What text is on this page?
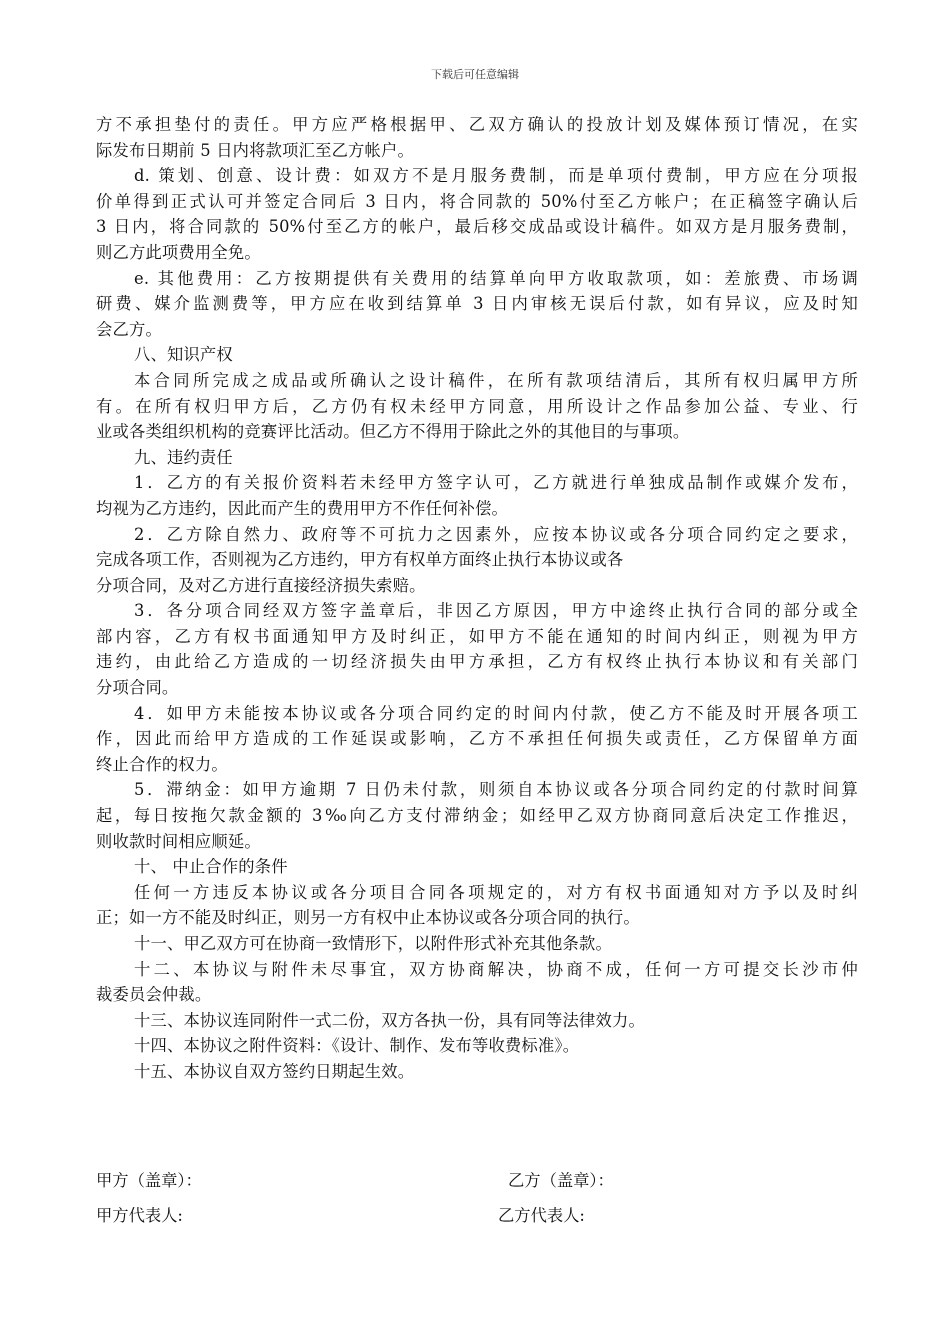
下载后可任意编辑
方不承担垫付的责任。甲方应严格根据甲、乙双方确认的投放计划及媒体预订情况，在实
际发布日期前 5 日内将款项汇至乙方帐户。
d. 策划、创意、设计费：如双方不是月服务费制，而是单项付费制，甲方应在分项报
价单得到正式认可并签定合同后 3 日内，将合同款的 50%付至乙方帐户；在正稿签字确认后
3 日内，将合同款的 50%付至乙方的帐户，最后移交成品或设计稿件。如双方是月服务费制，
则乙方此项费用全免。
e. 其他费用：乙方按期提供有关费用的结算单向甲方收取款项，如：差旅费、市场调
研费、媒介监测费等，甲方应在收到结算单 3 日内审核无误后付款，如有异议，应及时知
会乙方。
八、知识产权
本合同所完成之成品或所确认之设计稿件，在所有款项结清后，其所有权归属甲方所
有。在所有权归甲方后，乙方仍有权未经甲方同意，用所设计之作品参加公益、专业、行
业或各类组织机构的竞赛评比活动。但乙方不得用于除此之外的其他目的与事项。
九、违约责任
1．乙方的有关报价资料若未经甲方签字认可，乙方就进行单独成品制作或媒介发布，
均视为乙方违约，因此而产生的费用甲方不作任何补偿。
2．乙方除自然力、政府等不可抗力之因素外，应按本协议或各分项合同约定之要求，
完成各项工作，否则视为乙方违约，甲方有权单方面终止执行本协议或各
分项合同，及对乙方进行直接经济损失索赔。
3．各分项合同经双方签字盖章后，非因乙方原因，甲方中途终止执行合同的部分或全
部内容，乙方有权书面通知甲方及时纠正，如甲方不能在通知的时间内纠正，则视为甲方
违约，由此给乙方造成的一切经济损失由甲方承担，乙方有权终止执行本协议和有关部门
分项合同。
4．如甲方未能按本协议或各分项合同约定的时间内付款，使乙方不能及时开展各项工
作，因此而给甲方造成的工作延误或影响，乙方不承担任何损失或责任，乙方保留单方面
终止合作的权力。
5．滞纳金：如甲方逾期 7 日仍未付款，则须自本协议或各分项合同约定的付款时间算
起，每日按拖欠款金额的 3‰向乙方支付滞纳金；如经甲乙双方协商同意后决定工作推迟，
则收款时间相应顺延。
十、 中止合作的条件
任何一方违反本协议或各分项目合同各项规定的，对方有权书面通知对方予以及时纠
正；如一方不能及时纠正，则另一方有权中止本协议或各分项合同的执行。
十一、甲乙双方可在协商一致情形下，以附件形式补充其他条款。
十二、本协议与附件未尽事宜，双方协商解决，协商不成，任何一方可提交长沙市仲
裁委员会仲裁。
十三、本协议连同附件一式二份，双方各执一份，具有同等法律效力。
十四、本协议之附件资料：《设计、制作、发布等收费标准》。
十五、本协议自双方签约日期起生效。
甲方（盖章）：	乙方（盖章）：
甲方代表人:	乙方代表人:
